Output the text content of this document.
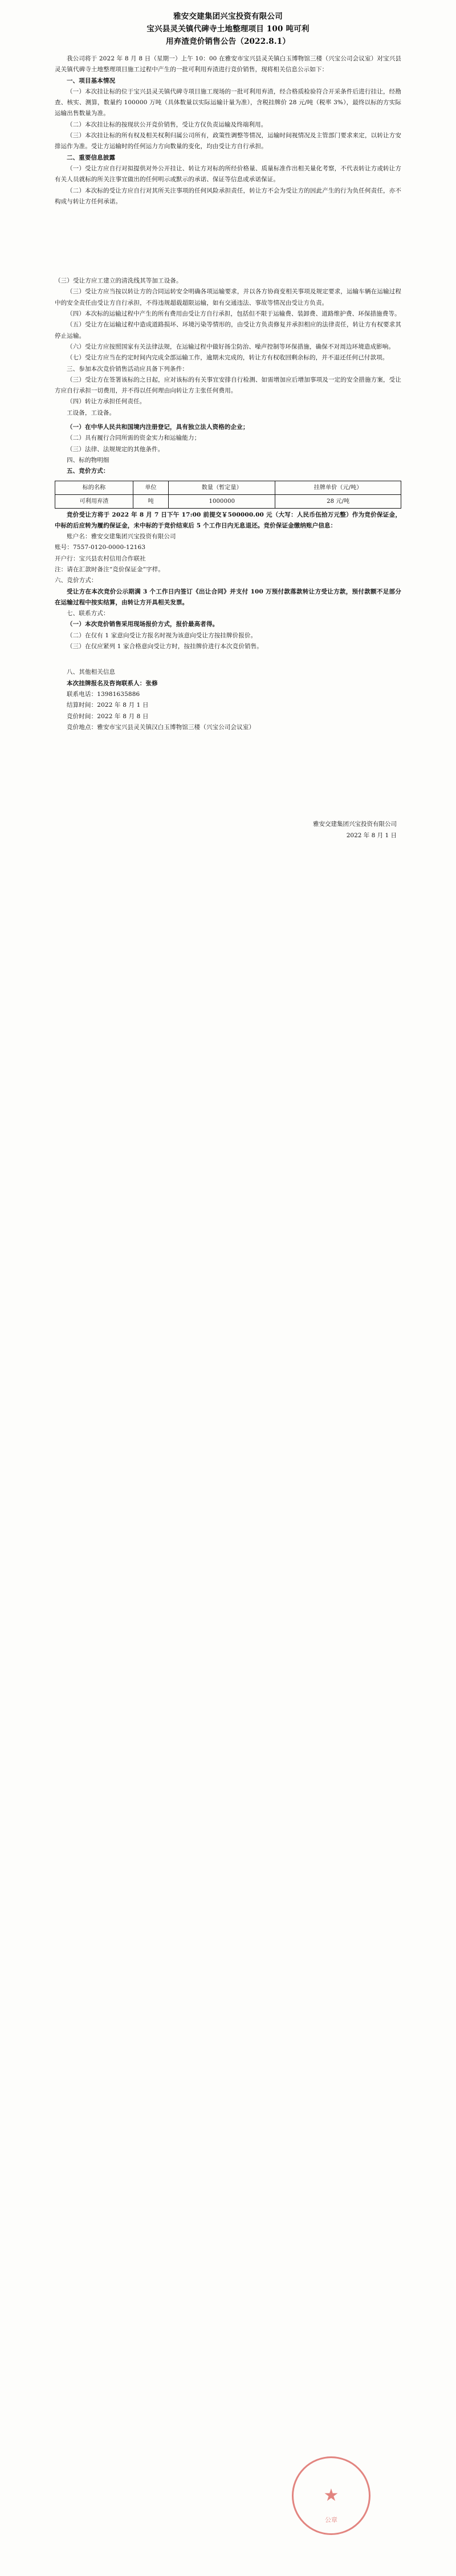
雅安交建集团兴宝投资有限公司
宝兴县灵关镇代碑寺土地整理项目 100 吨可利
用弃渣竞价销售公告（2022.8.1）

我公司将于 2022 年 8 月 8 日（星期一）上午 10：00 在雅安市宝兴县灵关镇白玉博物馆三楼（兴宝公司会议室）对宝兴县灵关镇代碑寺土地整理项目施工过程中产生的一批可利用弃渣进行竞价销售，现将相关信息公示如下：

一、项目基本情况

（一）本次挂让标的位于宝兴县灵关镇代碑寺项目施工现场的一批可利用弃渣，经合格质检验符合开采条件后进行挂让，经勘查、核实、测算，数量约 100000 万吨（具体数量以实际运输计量为准），含税挂牌价 28 元/吨（税率 3%），最终以标的方实际运输出售数量为准。

（二）本次挂让标的按现状公开竞价销售，受让方仅负责运输及终端利用。

（三）本次挂让标的所有权及相关权利归属公司所有，政策性调整等情况，运输时间视情况及主管部门要求来定，以转让方安排运作为准。受让方运输时的任何运力方向数量的变化，均由受让方自行承担。

二、重要信息披露

（一）受让方应自行对拟提供对外公开挂让、转让方对标的所经价格量、质量标准作出相关量化考察，不代表转让方或转让方有关人员就标的所关注事宜做出的任何明示或默示的承诺、保证等信息或承诺保证。

（二）本次标的受让方应自行对其所关注事项的任何风险承担责任，转让方不会为受让方的因此产生的行为负任何责任，亦不构成与转让方任何承诺。

（三）受让方应工建立的清洗线其等加工设备。

（三）受让方应当按以转让方的合同运转安全明确各项运输要求，并以各方协商变相关事项及规定要求，运输车辆在运输过程中的安全责任由受让方自行承担，不得违规超载超限运输，如有交通违法、事故等情况由受让方负责。

（四）本次标的运输过程中产生的所有费用由受让方自行承担，包括但不限于运输费、装卸费、道路维护费、环保措施费等。

（五）受让方在运输过程中造成道路损坏、环境污染等情形的，由受让方负责修复并承担相应的法律责任，转让方有权要求其停止运输。

（六）受让方应按照国家有关法律法规，在运输过程中做好扬尘防治、噪声控制等环保措施，确保不对周边环境造成影响。

（七）受让方应当在约定时间内完成全部运输工作，逾期未完成的，转让方有权收回剩余标的，并不退还任何已付款项。

三、参加本次竞价销售活动应具备下列条件：

（三）受让方在签署该标的之日起，应对该标的有关事宜安排自行检测、如需增加应后增加事项及一定的安全措施方案，受让方应自行承担一切费用，并不得以任何理由向转让方主张任何费用。

（四）转让方承担任何责任。

工设备，工设备。

（一）在中华人民共和国境内注册登记，具有独立法人资格的企业；

（二）具有履行合同所需的资金实力和运输能力；

（三）法律、法规规定的其他条件。

四、标的物明细

五、竞价方式：

标的名称	单位	数量（暂定量）	挂牌单价（元/吨）
可利用弃渣	吨	1000000	28 元/吨

竞价受让方将于 2022 年 8 月 7 日下午 17:00 前提交￥500000.00 元（大写：人民币伍拾万元整）作为竞价保证金，中标的后应转为履约保证金，未中标的于竞价结束后 5 个工作日内无息退还。竞价保证金缴纳账户信息：

账户名：雅安交建集团兴宝投资有限公司

账号：7557-0120-0000-12163

开户行：宝兴县农村信用合作联社

注：请在汇款时备注“竞价保证金”字样。

六、竞价方式：

受让方在本次竞价公示期满 3 个工作日内签订《出让合同》并支付 100 万预付款落款转让方受让方款，预付款额不足部分在运输过程中按实结算，由转让方开具相关发票。

七、联系方式：

（一）本次竞价销售采用现场报价方式，报价最高者得。

（二）在仅有 1 家意向受让方报名时视为该意向受让方按挂牌价报价。

（三）在仅应紧列 1 家合格意向受让方时，按挂牌价进行本次竞价销售。

八、其他相关信息

本次挂牌报名及咨询联系人：张修

联系电话：13981635886

结算时间：2022 年 8 月 1 日

竞价时间：2022 年 8 月 8 日

竞价地点：雅安市宝兴县灵关镇汉白玉博物馆三楼（兴宝公司会议室）

雅安交建集团兴宝投资有限公司
2022 年 8 月 1 日
★
公章
